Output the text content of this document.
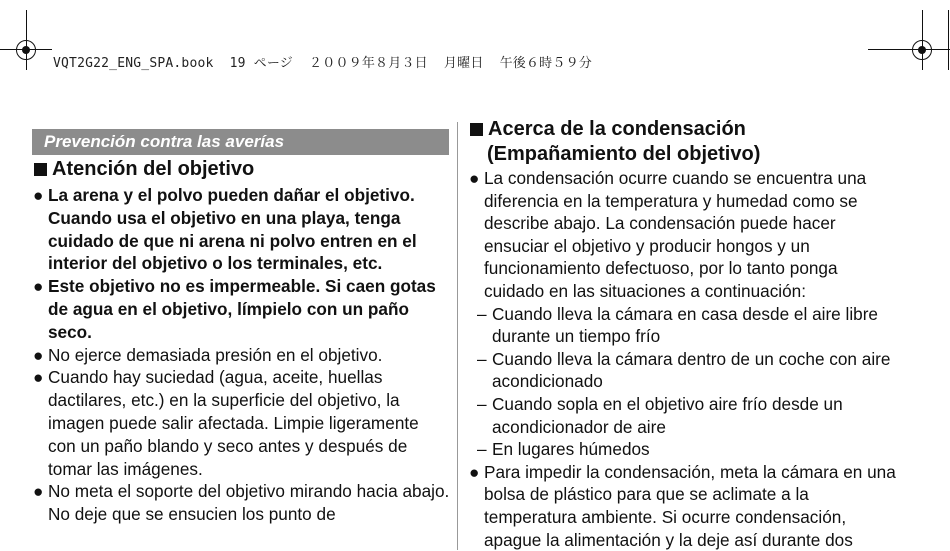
VQT2G22_ENG_SPA.book  19 ページ  ２００９年８月３日  月曜日  午後６時５９分
Prevención contra las averías
Atención del objetivo
● La arena y el polvo pueden dañar el objetivo. Cuando usa el objetivo en una playa, tenga cuidado de que ni arena ni polvo entren en el interior del objetivo o los terminales, etc.
● Este objetivo no es impermeable. Si caen gotas de agua en el objetivo, límpielo con un paño seco.
● No ejerce demasiada presión en el objetivo.
● Cuando hay suciedad (agua, aceite, huellas dactilares, etc.) en la superficie del objetivo, la imagen puede salir afectada. Limpie ligeramente con un paño blando y seco antes y después de tomar las imágenes.
● No meta el soporte del objetivo mirando hacia abajo. No deje que se ensucien los punto de
Acerca de la condensación
(Empañamiento del objetivo)
● La condensación ocurre cuando se encuentra una diferencia en la temperatura y humedad como se describe abajo. La condensación puede hacer ensuciar el objetivo y producir hongos y un funcionamiento defectuoso, por lo tanto ponga cuidado en las situaciones a continuación:
– Cuando lleva la cámara en casa desde el aire libre durante un tiempo frío
– Cuando lleva la cámara dentro de un coche con aire acondicionado
– Cuando sopla en el objetivo aire frío desde un acondicionador de aire
– En lugares húmedos
● Para impedir la condensación, meta la cámara en una bolsa de plástico para que se aclimate a la temperatura ambiente. Si ocurre condensación, apague la alimentación y la deje así durante dos
